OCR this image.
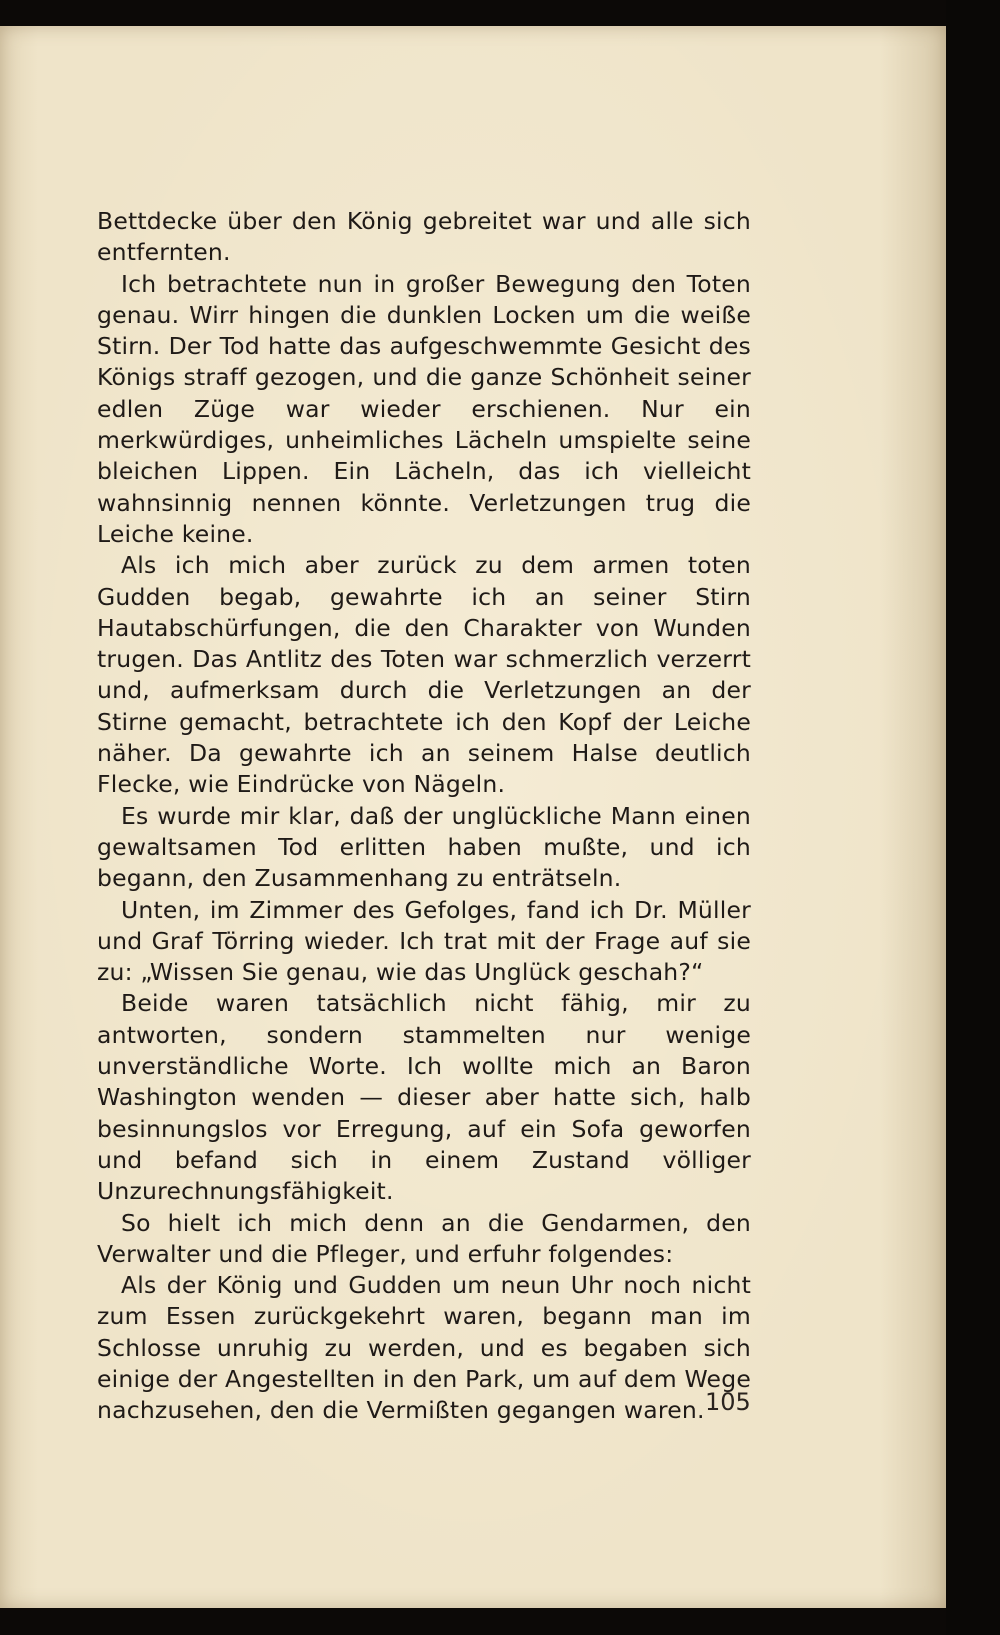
Bettdecke über den König gebreitet war und alle sich entfernten.

Ich betrachtete nun in großer Bewegung den Toten genau. Wirr hingen die dunklen Locken um die weiße Stirn. Der Tod hatte das aufgeschwemmte Gesicht des Königs straff gezogen, und die ganze Schönheit seiner edlen Züge war wieder erschienen. Nur ein merkwürdiges, unheimliches Lächeln umspielte seine bleichen Lippen. Ein Lächeln, das ich vielleicht wahnsinnig nennen könnte. Verletzungen trug die Leiche keine.

Als ich mich aber zurück zu dem armen toten Gudden begab, gewahrte ich an seiner Stirn Hautabschürfungen, die den Charakter von Wunden trugen. Das Antlitz des Toten war schmerzlich verzerrt und, aufmerksam durch die Verletzungen an der Stirne gemacht, betrachtete ich den Kopf der Leiche näher. Da gewahrte ich an seinem Halse deutlich Flecke, wie Eindrücke von Nägeln.

Es wurde mir klar, daß der unglückliche Mann einen gewaltsamen Tod erlitten haben mußte, und ich begann, den Zusammenhang zu enträtseln.

Unten, im Zimmer des Gefolges, fand ich Dr. Müller und Graf Törring wieder. Ich trat mit der Frage auf sie zu: „Wissen Sie genau, wie das Unglück geschah?“

Beide waren tatsächlich nicht fähig, mir zu antworten, sondern stammelten nur wenige unverständliche Worte. Ich wollte mich an Baron Washington wenden — dieser aber hatte sich, halb besinnungslos vor Erregung, auf ein Sofa geworfen und befand sich in einem Zustand völliger Unzurechnungsfähigkeit.

So hielt ich mich denn an die Gendarmen, den Verwalter und die Pfleger, und erfuhr folgendes:

Als der König und Gudden um neun Uhr noch nicht zum Essen zurückgekehrt waren, begann man im Schlosse unruhig zu werden, und es begaben sich einige der Angestellten in den Park, um auf dem Wege nachzusehen, den die Vermißten gegangen waren. 105
